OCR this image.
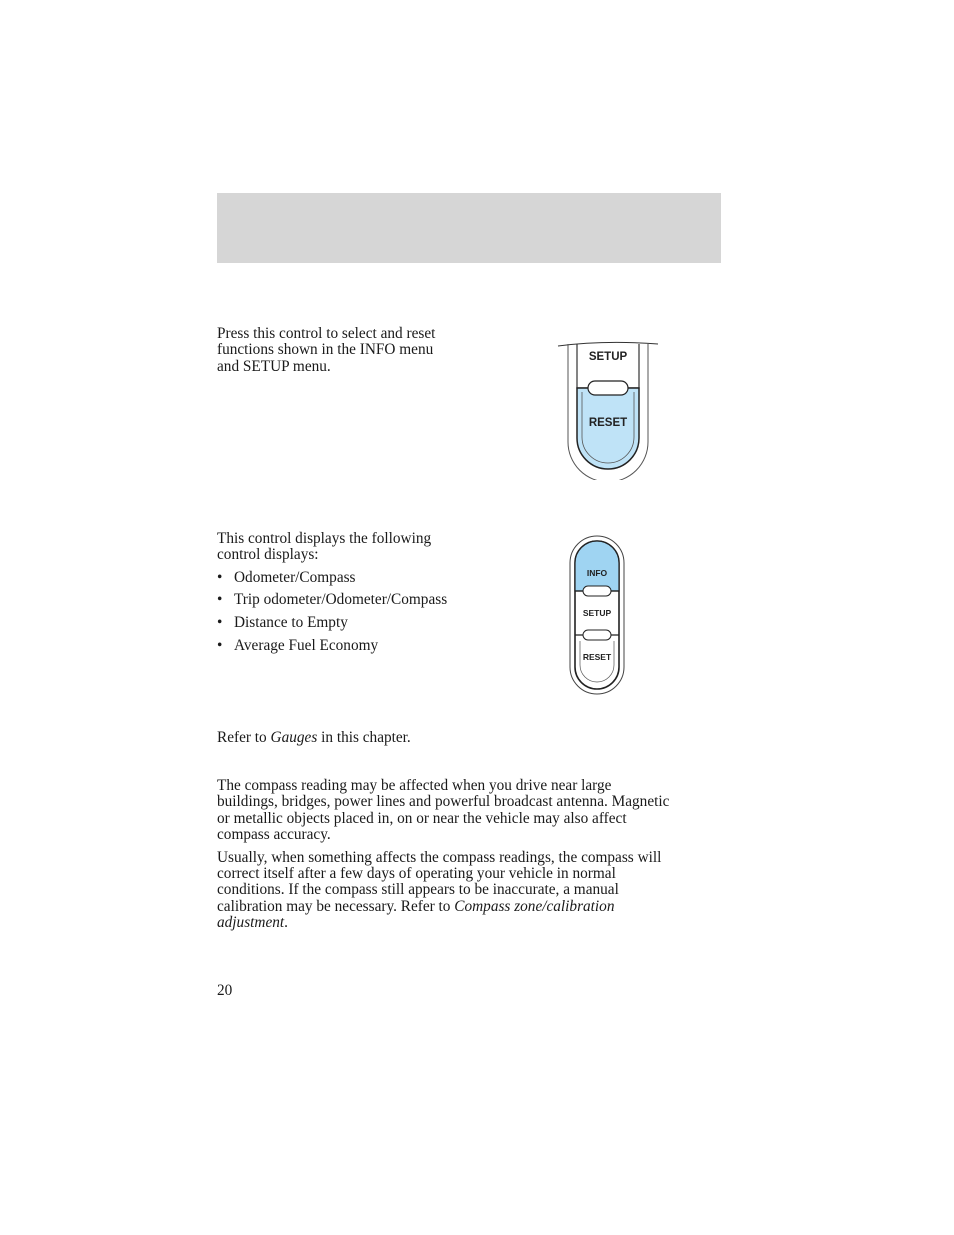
Press this control to select and reset
functions shown in the INFO menu
and SETUP menu.
SETUP
RESET
This control displays the following
control displays:
• Odometer/Compass
• Trip odometer/Odometer/Compass
• Distance to Empty
• Average Fuel Economy
INFO
SETUP
RESET
Refer to Gauges in this chapter.

The compass reading may be affected when you drive near large
buildings, bridges, power lines and powerful broadcast antenna. Magnetic
or metallic objects placed in, on or near the vehicle may also affect
compass accuracy.

Usually, when something affects the compass readings, the compass will
correct itself after a few days of operating your vehicle in normal
conditions. If the compass still appears to be inaccurate, a manual
calibration may be necessary. Refer to Compass zone/calibration
adjustment.

20
